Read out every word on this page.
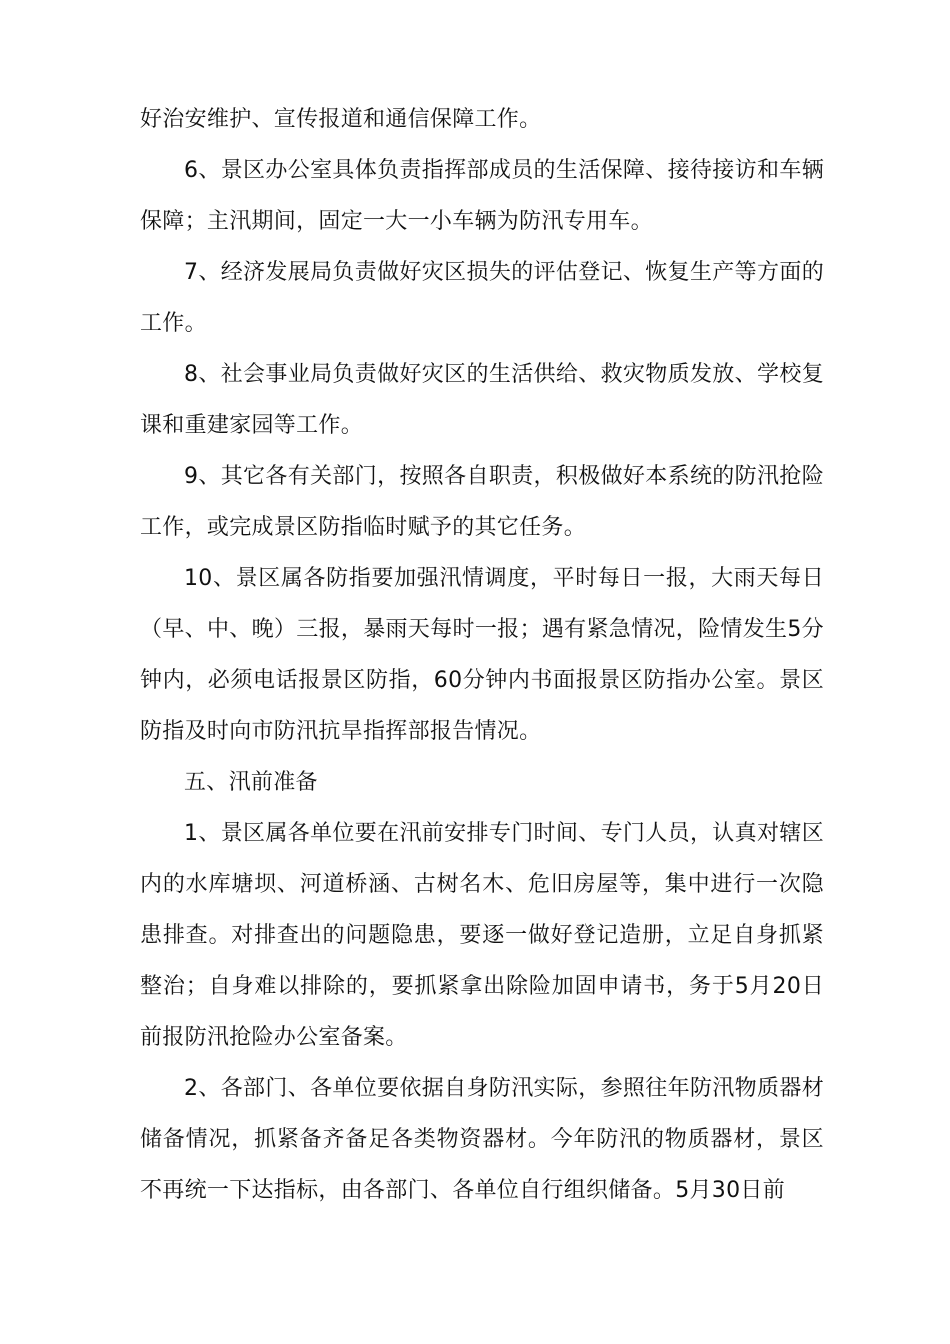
好治安维护、宣传报道和通信保障工作。

6、景区办公室具体负责指挥部成员的生活保障、接待接访和车辆保障；主汛期间，固定一大一小车辆为防汛专用车。

7、经济发展局负责做好灾区损失的评估登记、恢复生产等方面的工作。

8、社会事业局负责做好灾区的生活供给、救灾物质发放、学校复课和重建家园等工作。

9、其它各有关部门，按照各自职责，积极做好本系统的防汛抢险工作，或完成景区防指临时赋予的其它任务。

10、景区属各防指要加强汛情调度，平时每日一报，大雨天每日（早、中、晚）三报，暴雨天每时一报；遇有紧急情况，险情发生5分钟内，必须电话报景区防指，60分钟内书面报景区防指办公室。景区防指及时向市防汛抗旱指挥部报告情况。

五、汛前准备

1、景区属各单位要在汛前安排专门时间、专门人员，认真对辖区内的水库塘坝、河道桥涵、古树名木、危旧房屋等，集中进行一次隐患排查。对排查出的问题隐患，要逐一做好登记造册，立足自身抓紧整治；自身难以排除的，要抓紧拿出除险加固申请书，务于5月20日前报防汛抢险办公室备案。

2、各部门、各单位要依据自身防汛实际，参照往年防汛物质器材储备情况，抓紧备齐备足各类物资器材。今年防汛的物质器材，景区不再统一下达指标，由各部门、各单位自行组织储备。5月30日前
